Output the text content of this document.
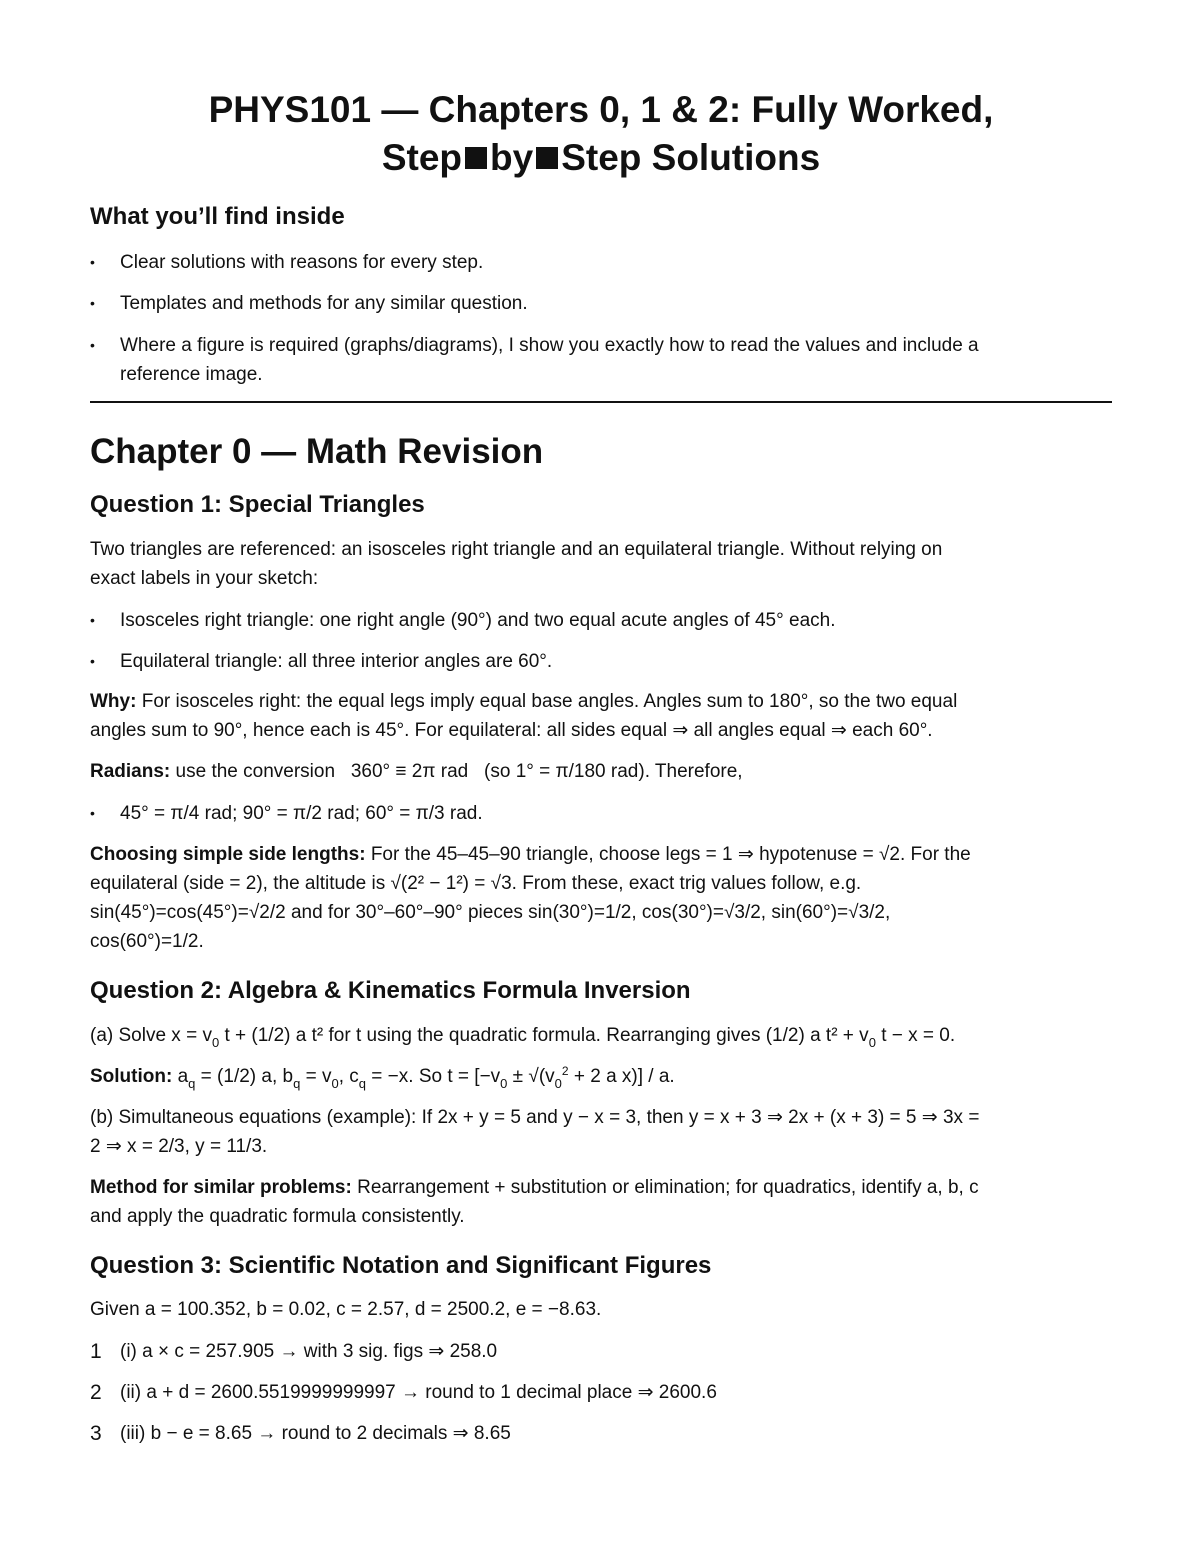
PHYS101 — Chapters 0, 1 & 2: Fully Worked,
Step by Step Solutions
What you’ll find inside
• Clear solutions with reasons for every step.
• Templates and methods for any similar question.
• Where a figure is required (graphs/diagrams), I show you exactly how to read the values and include a
reference image.
Chapter 0 — Math Revision
Question 1: Special Triangles
Two triangles are referenced: an isosceles right triangle and an equilateral triangle. Without relying on
exact labels in your sketch:
• Isosceles right triangle: one right angle (90°) and two equal acute angles of 45° each.
• Equilateral triangle: all three interior angles are 60°.
Why: For isosceles right: the equal legs imply equal base angles. Angles sum to 180°, so the two equal
angles sum to 90°, hence each is 45°. For equilateral: all sides equal ⇒ all angles equal ⇒ each 60°.
Radians: use the conversion   360° ≡ 2π rad   (so 1° = π/180 rad). Therefore,
• 45° = π/4 rad; 90° = π/2 rad; 60° = π/3 rad.
Choosing simple side lengths: For the 45–45–90 triangle, choose legs = 1 ⇒ hypotenuse = √2. For the
equilateral (side = 2), the altitude is √(2² − 1²) = √3. From these, exact trig values follow, e.g.
sin(45°)=cos(45°)=√2/2 and for 30°–60°–90° pieces sin(30°)=1/2, cos(30°)=√3/2, sin(60°)=√3/2,
cos(60°)=1/2.
Question 2: Algebra & Kinematics Formula Inversion
(a) Solve $x = v_0$ t + (1/2) a t² for t using the quadratic formula. Rearranging gives (1/2) a $t^2 + v_0$ t − x = 0.
Solution: $a_q = (1/2)$ a, $b_q = v_0$, $c_q = -x$. So $t = [-v_0 \pm √(v_0^2 + 2$ a x)] / a.
(b) Simultaneous equations (example): If 2x + y = 5 and y − x = 3, then y = x + 3 ⇒ 2x + (x + 3) = 5 ⇒ 3x =
2 ⇒ x = 2/3, y = 11/3.
Method for similar problems: Rearrangement + substitution or elimination; for quadratics, identify a, b, c
and apply the quadratic formula consistently.
Question 3: Scientific Notation and Significant Figures
Given a = 100.352, b = 0.02, c = 2.57, d = 2500.2, e = −8.63.
1 (i) a × c = 257.905 → with 3 sig. figs ⇒ 258.0
2 (ii) a + d = 2600.5519999999997 → round to 1 decimal place ⇒ 2600.6
3 (iii) b − e = 8.65 → round to 2 decimals ⇒ 8.65
